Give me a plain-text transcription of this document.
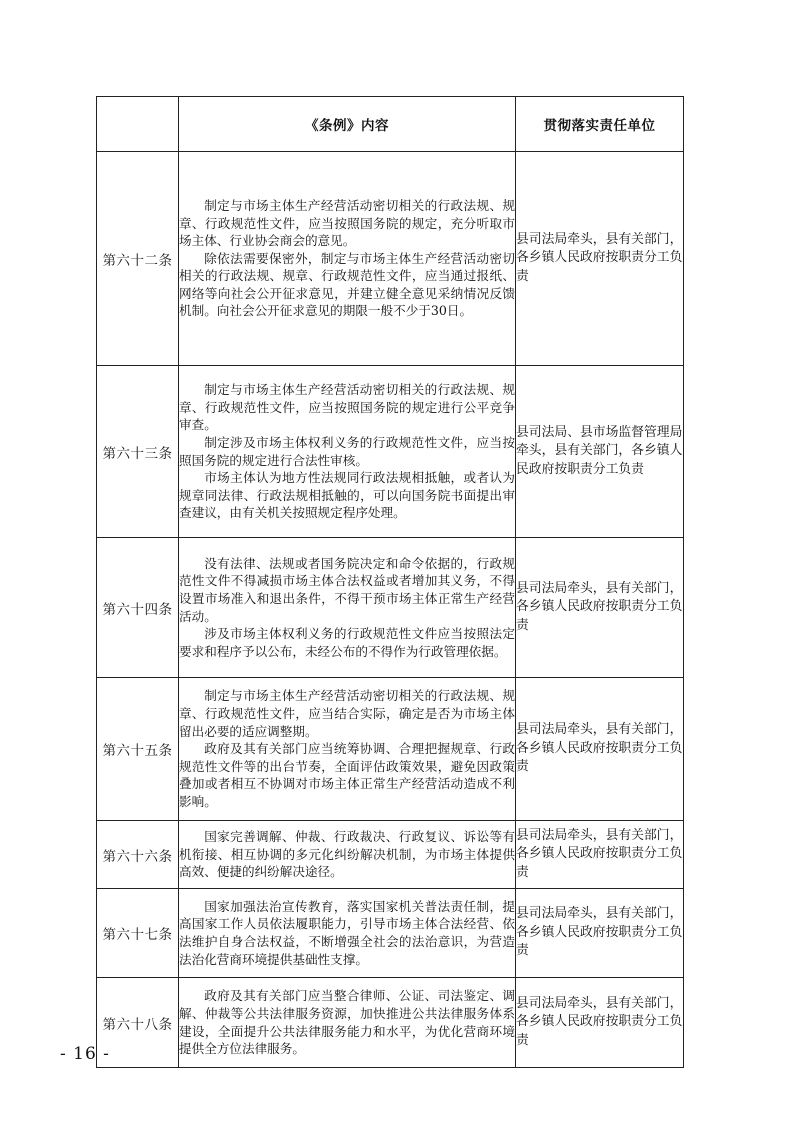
	《条例》内容	贯彻落实责任单位
第六十二条	制定与市场主体生产经营活动密切相关的行政法规、规章、行政规范性文件，应当按照国务院的规定，充分听取市场主体、行业协会商会的意见。

除依法需要保密外，制定与市场主体生产经营活动密切相关的行政法规、规章、行政规范性文件，应当通过报纸、网络等向社会公开征求意见，并建立健全意见采纳情况反馈机制。向社会公开征求意见的期限一般不少于30日。	县司法局牵头，县有关部门，各乡镇人民政府按职责分工负责
第六十三条	制定与市场主体生产经营活动密切相关的行政法规、规章、行政规范性文件，应当按照国务院的规定进行公平竞争审查。

制定涉及市场主体权利义务的行政规范性文件，应当按照国务院的规定进行合法性审核。

市场主体认为地方性法规同行政法规相抵触，或者认为规章同法律、行政法规相抵触的，可以向国务院书面提出审查建议，由有关机关按照规定程序处理。	县司法局、县市场监督管理局牵头，县有关部门，各乡镇人民政府按职责分工负责
第六十四条	没有法律、法规或者国务院决定和命令依据的，行政规范性文件不得减损市场主体合法权益或者增加其义务，不得设置市场准入和退出条件，不得干预市场主体正常生产经营活动。

涉及市场主体权利义务的行政规范性文件应当按照法定要求和程序予以公布，未经公布的不得作为行政管理依据。	县司法局牵头，县有关部门，各乡镇人民政府按职责分工负责
第六十五条	制定与市场主体生产经营活动密切相关的行政法规、规章、行政规范性文件，应当结合实际，确定是否为市场主体留出必要的适应调整期。

政府及其有关部门应当统筹协调、合理把握规章、行政规范性文件等的出台节奏，全面评估政策效果，避免因政策叠加或者相互不协调对市场主体正常生产经营活动造成不利影响。	县司法局牵头，县有关部门，各乡镇人民政府按职责分工负责
第六十六条	国家完善调解、仲裁、行政裁决、行政复议、诉讼等有机衔接、相互协调的多元化纠纷解决机制，为市场主体提供高效、便捷的纠纷解决途径。	县司法局牵头，县有关部门，各乡镇人民政府按职责分工负责
第六十七条	国家加强法治宣传教育，落实国家机关普法责任制，提高国家工作人员依法履职能力，引导市场主体合法经营、依法维护自身合法权益，不断增强全社会的法治意识，为营造法治化营商环境提供基础性支撑。	县司法局牵头，县有关部门，各乡镇人民政府按职责分工负责
第六十八条	政府及其有关部门应当整合律师、公证、司法鉴定、调解、仲裁等公共法律服务资源，加快推进公共法律服务体系建设，全面提升公共法律服务能力和水平，为优化营商环境提供全方位法律服务。	县司法局牵头，县有关部门，各乡镇人民政府按职责分工负责
- 16 -
